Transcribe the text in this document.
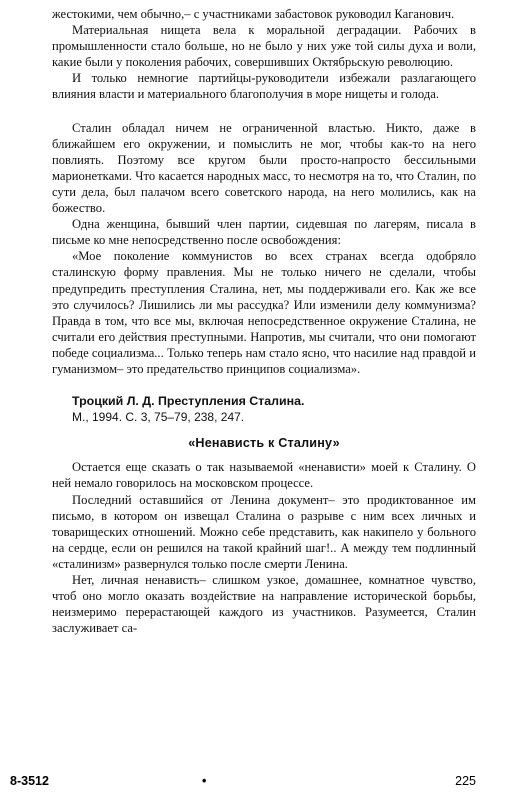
жестокими, чем обычно,– с участниками забастовок руководил Каганович.

Материальная нищета вела к моральной деградации. Рабочих в промышленности стало больше, но не было у них уже той силы духа и воли, какие были у поколения рабочих, совершивших Октябрьскую революцию.

И только немногие партийцы-руководители избежали разлагающего влияния власти и материального благополучия в море нищеты и голода.

Сталин обладал ничем не ограниченной властью. Никто, даже в ближайшем его окружении, и помыслить не мог, чтобы как-то на него повлиять. Поэтому все кругом были просто-напросто бессильными марионетками. Что касается народных масс, то несмотря на то, что Сталин, по сути дела, был палачом всего советского народа, на него молились, как на божество.

Одна женщина, бывший член партии, сидевшая по лагерям, писала в письме ко мне непосредственно после освобождения:

«Мое поколение коммунистов во всех странах всегда одобряло сталинскую форму правления. Мы не только ничего не сделали, чтобы предупредить преступления Сталина, нет, мы поддерживали его. Как же все это случилось? Лишились ли мы рассудка? Или изменили делу коммунизма? Правда в том, что все мы, включая непосредственное окружение Сталина, не считали его действия преступными. Напротив, мы считали, что они помогают победе социализма... Только теперь нам стало ясно, что насилие над правдой и гуманизмом– это предательство принципов социализма».

Троцкий Л. Д. Преступления Сталина.
М., 1994. С. 3, 75–79, 238, 247.
«Ненависть к Сталину»

Остается еще сказать о так называемой «ненависти» моей к Сталину. О ней немало говорилось на московском процессе.

Последний оставшийся от Ленина документ– это продиктованное им письмо, в котором он извещал Сталина о разрыве с ним всех личных и товарищеских отношений. Можно себе представить, как накипело у больного на сердце, если он решился на такой крайний шаг!.. А между тем подлинный «сталинизм» развернулся только после смерти Ленина.

Нет, личная ненависть– слишком узкое, домашнее, комнатное чувство, чтоб оно могло оказать воздействие на направление исторической борьбы, неизмеримо перерастающей каждого из участников. Разумеется, Сталин заслуживает са-

8-3512	•	225
